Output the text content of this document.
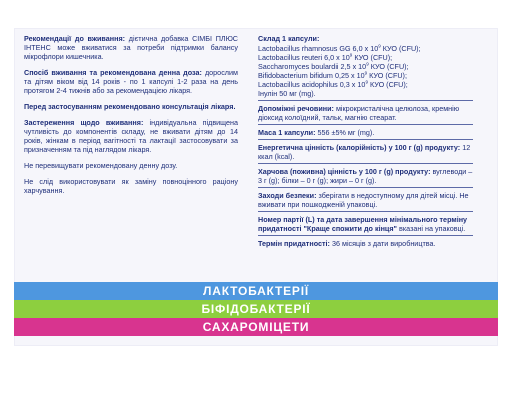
Рекомендації до вживання: дієтична добавка СІМБІ ПЛЮС ІНТЕНС може вживатися за потреби підтримки балансу мікрофлори кишечника.

Спосіб вживання та рекомендована денна доза: дорослим та дітям віком від 14 років - по 1 капсулі 1-2 раза на день протягом 2-4 тижнів або за рекомендацією лікаря.

Перед застосуванням рекомендовано консультація лікаря.

Застереження щодо вживання: індивідуальна підвищена чутливість до компонентів складу, не вживати дітям до 14 років, жінкам в період вагітності та лактації застосовувати за призначенням та під наглядом лікаря.

Не перевищувати рекомендовану денну дозу.

Не слід використовувати як заміну повноцінного раціону харчування.

Склад 1 капсули:
Lactobacillus rhamnosus GG 6,0 x $10^9$ КУО (CFU);
Lactobacillus reuteri 6,0 x $10^9$ КУО (CFU);
Saccharomyces boulardii 2,5 x $10^9$ КУО (CFU);
Bifidobacterium bifidum 0,25 x $10^9$ КУО (CFU);
Lactobacillus acidophilus 0,3 x $10^9$ КУО (CFU);
Інулін 50 мг (mg).
Допоміжні речовини: мікрокристалічна целюлоза, кремнію діоксид колоїдний, тальк, магнію стеарат.
Маса 1 капсули: 556 ±5% мг (mg).
Енергетична цінність (калорійність) у 100 г (g) продукту: 12 ккал (kcal).
Харчова (поживна) цінність у 100 г (g) продукту: вуглеводи – 3 г (g); білки – 0 г (g); жири – 0 г (g).
Заходи безпеки: зберігати в недоступному для дітей місці. Не вживати при пошкодженій упаковці.
Номер партії (L) та дата завершення мінімального терміну придатності "Краще спожити до кінця" вказані на упаковці.
Термін придатності: 36 місяців з дати виробництва.
ЛАКТОБАКТЕРІЇ
БІФІДОБАКТЕРІЇ
САХАРОМІЦЕТИ
